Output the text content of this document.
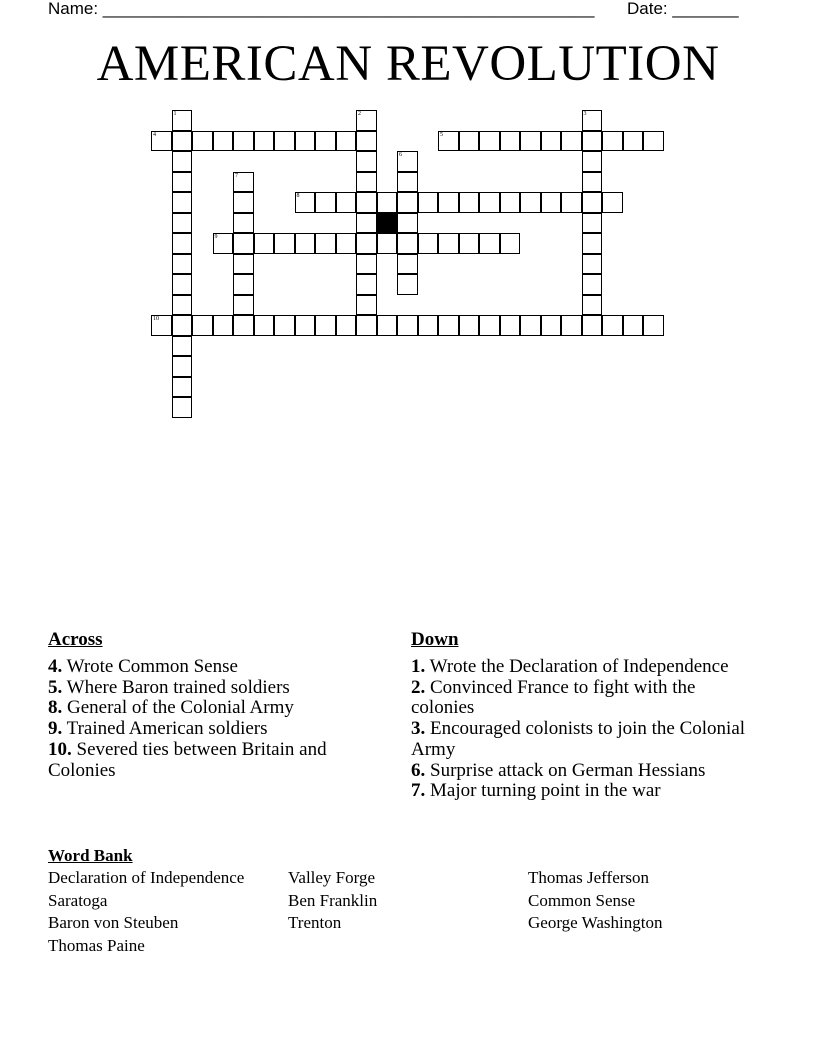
Name: ____________________________________________________ Date: _______
AMERICAN REVOLUTION
4	5
8
9
10
1	2	3
6
7
Across
4. Wrote Common Sense
5. Where Baron trained soldiers
8. General of the Colonial Army
9. Trained American soldiers
10. Severed ties between Britain and Colonies
Down
1. Wrote the Declaration of Independence
2. Convinced France to fight with the colonies
3. Encouraged colonists to join the Colonial Army
6. Surprise attack on German Hessians
7. Major turning point in the war
Word Bank
Declaration of Independence
Saratoga
Baron von Steuben
Thomas Paine
Valley Forge
Ben Franklin
Trenton
Thomas Jefferson
Common Sense
George Washington
